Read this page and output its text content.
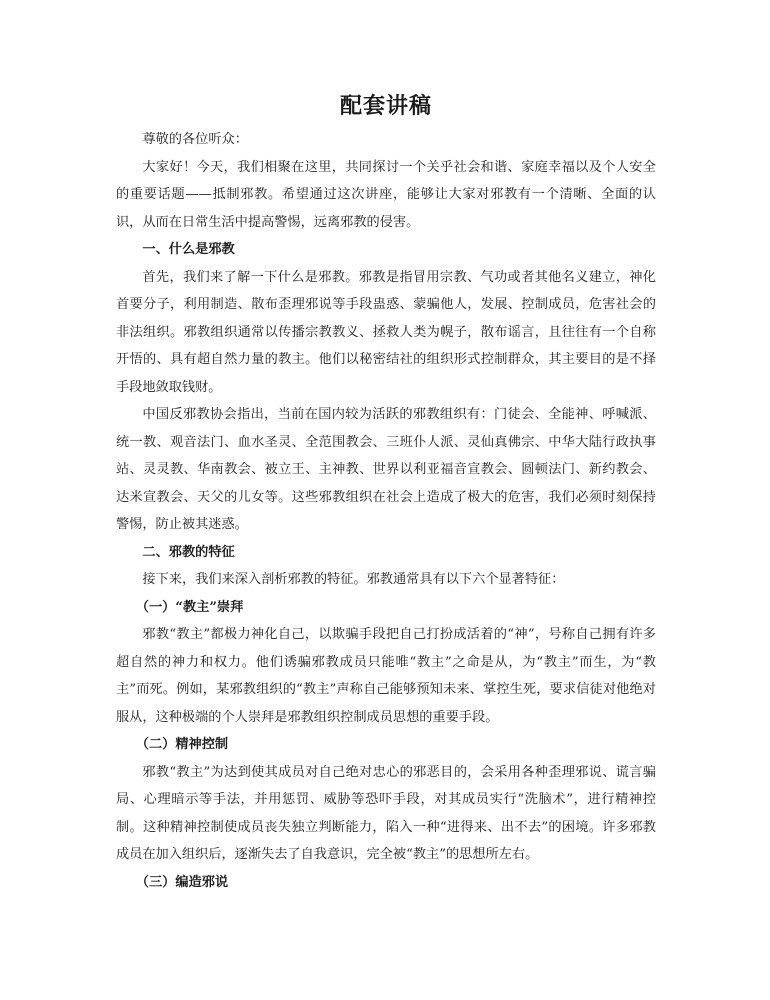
配套讲稿

尊敬的各位听众：

大家好！今天，我们相聚在这里，共同探讨一个关乎社会和谐、家庭幸福以及个人安全的重要话题——抵制邪教。希望通过这次讲座，能够让大家对邪教有一个清晰、全面的认识，从而在日常生活中提高警惕，远离邪教的侵害。

一、什么是邪教

首先，我们来了解一下什么是邪教。邪教是指冒用宗教、气功或者其他名义建立，神化首要分子，利用制造、散布歪理邪说等手段蛊惑、蒙骗他人，发展、控制成员，危害社会的非法组织。邪教组织通常以传播宗教教义、拯救人类为幌子，散布谣言，且往往有一个自称开悟的、具有超自然力量的教主。他们以秘密结社的组织形式控制群众，其主要目的是不择手段地敛取钱财。

中国反邪教协会指出，当前在国内较为活跃的邪教组织有：门徒会、全能神、呼喊派、统一教、观音法门、血水圣灵、全范围教会、三班仆人派、灵仙真佛宗、中华大陆行政执事站、灵灵教、华南教会、被立王、主神教、世界以利亚福音宣教会、圆顿法门、新约教会、达米宣教会、天父的儿女等。这些邪教组织在社会上造成了极大的危害，我们必须时刻保持警惕，防止被其迷惑。

二、邪教的特征

接下来，我们来深入剖析邪教的特征。邪教通常具有以下六个显著特征：

（一）“教主”崇拜

邪教“教主”都极力神化自己，以欺骗手段把自己打扮成活着的“神”，号称自己拥有许多超自然的神力和权力。他们诱骗邪教成员只能唯“教主”之命是从，为“教主”而生，为“教主”而死。例如，某邪教组织的“教主”声称自己能够预知未来、掌控生死，要求信徒对他绝对服从，这种极端的个人崇拜是邪教组织控制成员思想的重要手段。

（二）精神控制

邪教“教主”为达到使其成员对自己绝对忠心的邪恶目的，会采用各种歪理邪说、谎言骗局、心理暗示等手法，并用惩罚、威胁等恐吓手段，对其成员实行“洗脑术”，进行精神控制。这种精神控制使成员丧失独立判断能力，陷入一种“进得来、出不去”的困境。许多邪教成员在加入组织后，逐渐失去了自我意识，完全被“教主”的思想所左右。

（三）编造邪说
